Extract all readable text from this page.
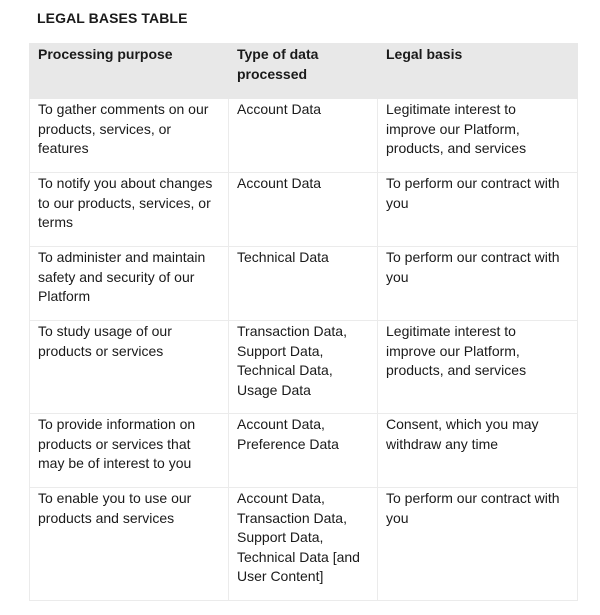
LEGAL BASES TABLE
Processing purpose	Type of data processed	Legal basis
To gather comments on our products, services, or features	Account Data	Legitimate interest to improve our Platform, products, and services
To notify you about changes to our products, services, or terms	Account Data	To perform our contract with you
To administer and maintain safety and security of our Platform	Technical Data	To perform our contract with you
To study usage of our products or services	Transaction Data, Support Data, Technical Data, Usage Data	Legitimate interest to improve our Platform, products, and services
To provide information on products or services that may be of interest to you	Account Data, Preference Data	Consent, which you may withdraw any time
To enable you to use our products and services	Account Data, Transaction Data, Support Data, Technical Data [and User Content]	To perform our contract with you
